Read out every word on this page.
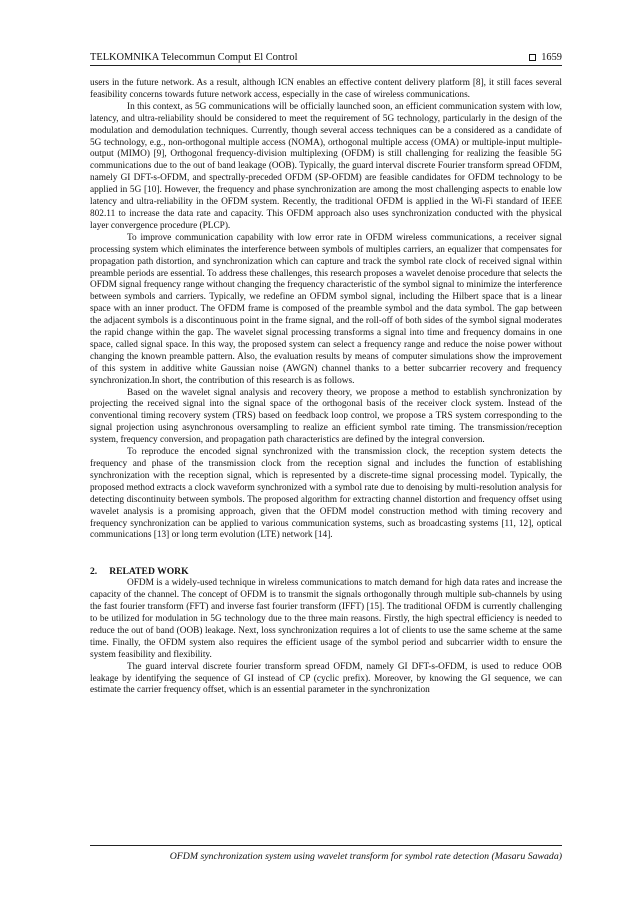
TELKOMNIKA Telecommun Comput El Control	1659

users in the future network. As a result, although ICN enables an effective content delivery platform [8], it still faces several feasibility concerns towards future network access, especially in the case of wireless communications.

In this context, as 5G communications will be officially launched soon, an efficient communication system with low, latency, and ultra-reliability should be considered to meet the requirement of 5G technology, particularly in the design of the modulation and demodulation techniques. Currently, though several access techniques can be a considered as a candidate of 5G technology, e.g., non-orthogonal multiple access (NOMA), orthogonal multiple access (OMA) or multiple-input multiple-output (MIMO) [9], Orthogonal frequency-division multiplexing (OFDM) is still challenging for realizing the feasible 5G communications due to the out of band leakage (OOB). Typically, the guard interval discrete Fourier transform spread OFDM, namely GI DFT-s-OFDM, and spectrally-preceded OFDM (SP-OFDM) are feasible candidates for OFDM technology to be applied in 5G [10]. However, the frequency and phase synchronization are among the most challenging aspects to enable low latency and ultra-reliability in the OFDM system. Recently, the traditional OFDM is applied in the Wi-Fi standard of IEEE 802.11 to increase the data rate and capacity. This OFDM approach also uses synchronization conducted with the physical layer convergence procedure (PLCP).

To improve communication capability with low error rate in OFDM wireless communications, a receiver signal processing system which eliminates the interference between symbols of multiples carriers, an equalizer that compensates for propagation path distortion, and synchronization which can capture and track the symbol rate clock of received signal within preamble periods are essential. To address these challenges, this research proposes a wavelet denoise procedure that selects the OFDM signal frequency range without changing the frequency characteristic of the symbol signal to minimize the interference between symbols and carriers. Typically, we redefine an OFDM symbol signal, including the Hilbert space that is a linear space with an inner product. The OFDM frame is composed of the preamble symbol and the data symbol. The gap between the adjacent symbols is a discontinuous point in the frame signal, and the roll-off of both sides of the symbol signal moderates the rapid change within the gap. The wavelet signal processing transforms a signal into time and frequency domains in one space, called signal space. In this way, the proposed system can select a frequency range and reduce the noise power without changing the known preamble pattern. Also, the evaluation results by means of computer simulations show the improvement of this system in additive white Gaussian noise (AWGN) channel thanks to a better subcarrier recovery and frequency synchronization.In short, the contribution of this research is as follows.

Based on the wavelet signal analysis and recovery theory, we propose a method to establish synchronization by projecting the received signal into the signal space of the orthogonal basis of the receiver clock system. Instead of the conventional timing recovery system (TRS) based on feedback loop control, we propose a TRS system corresponding to the signal projection using asynchronous oversampling to realize an efficient symbol rate timing. The transmission/reception system, frequency conversion, and propagation path characteristics are defined by the integral conversion.

To reproduce the encoded signal synchronized with the transmission clock, the reception system detects the frequency and phase of the transmission clock from the reception signal and includes the function of establishing synchronization with the reception signal, which is represented by a discrete-time signal processing model. Typically, the proposed method extracts a clock waveform synchronized with a symbol rate due to denoising by multi-resolution analysis for detecting discontinuity between symbols. The proposed algorithm for extracting channel distortion and frequency offset using wavelet analysis is a promising approach, given that the OFDM model construction method with timing recovery and frequency synchronization can be applied to various communication systems, such as broadcasting systems [11, 12], optical communications [13] or long term evolution (LTE) network [14].

2. RELATED WORK

OFDM is a widely-used technique in wireless communications to match demand for high data rates and increase the capacity of the channel. The concept of OFDM is to transmit the signals orthogonally through multiple sub-channels by using the fast fourier transform (FFT) and inverse fast fourier transform (IFFT) [15]. The traditional OFDM is currently challenging to be utilized for modulation in 5G technology due to the three main reasons. Firstly, the high spectral efficiency is needed to reduce the out of band (OOB) leakage. Next, loss synchronization requires a lot of clients to use the same scheme at the same time. Finally, the OFDM system also requires the efficient usage of the symbol period and subcarrier width to ensure the system feasibility and flexibility.

The guard interval discrete fourier transform spread OFDM, namely GI DFT-s-OFDM, is used to reduce OOB leakage by identifying the sequence of GI instead of CP (cyclic prefix). Moreover, by knowing the GI sequence, we can estimate the carrier frequency offset, which is an essential parameter in the synchronization

OFDM synchronization system using wavelet transform for symbol rate detection (Masaru Sawada)
